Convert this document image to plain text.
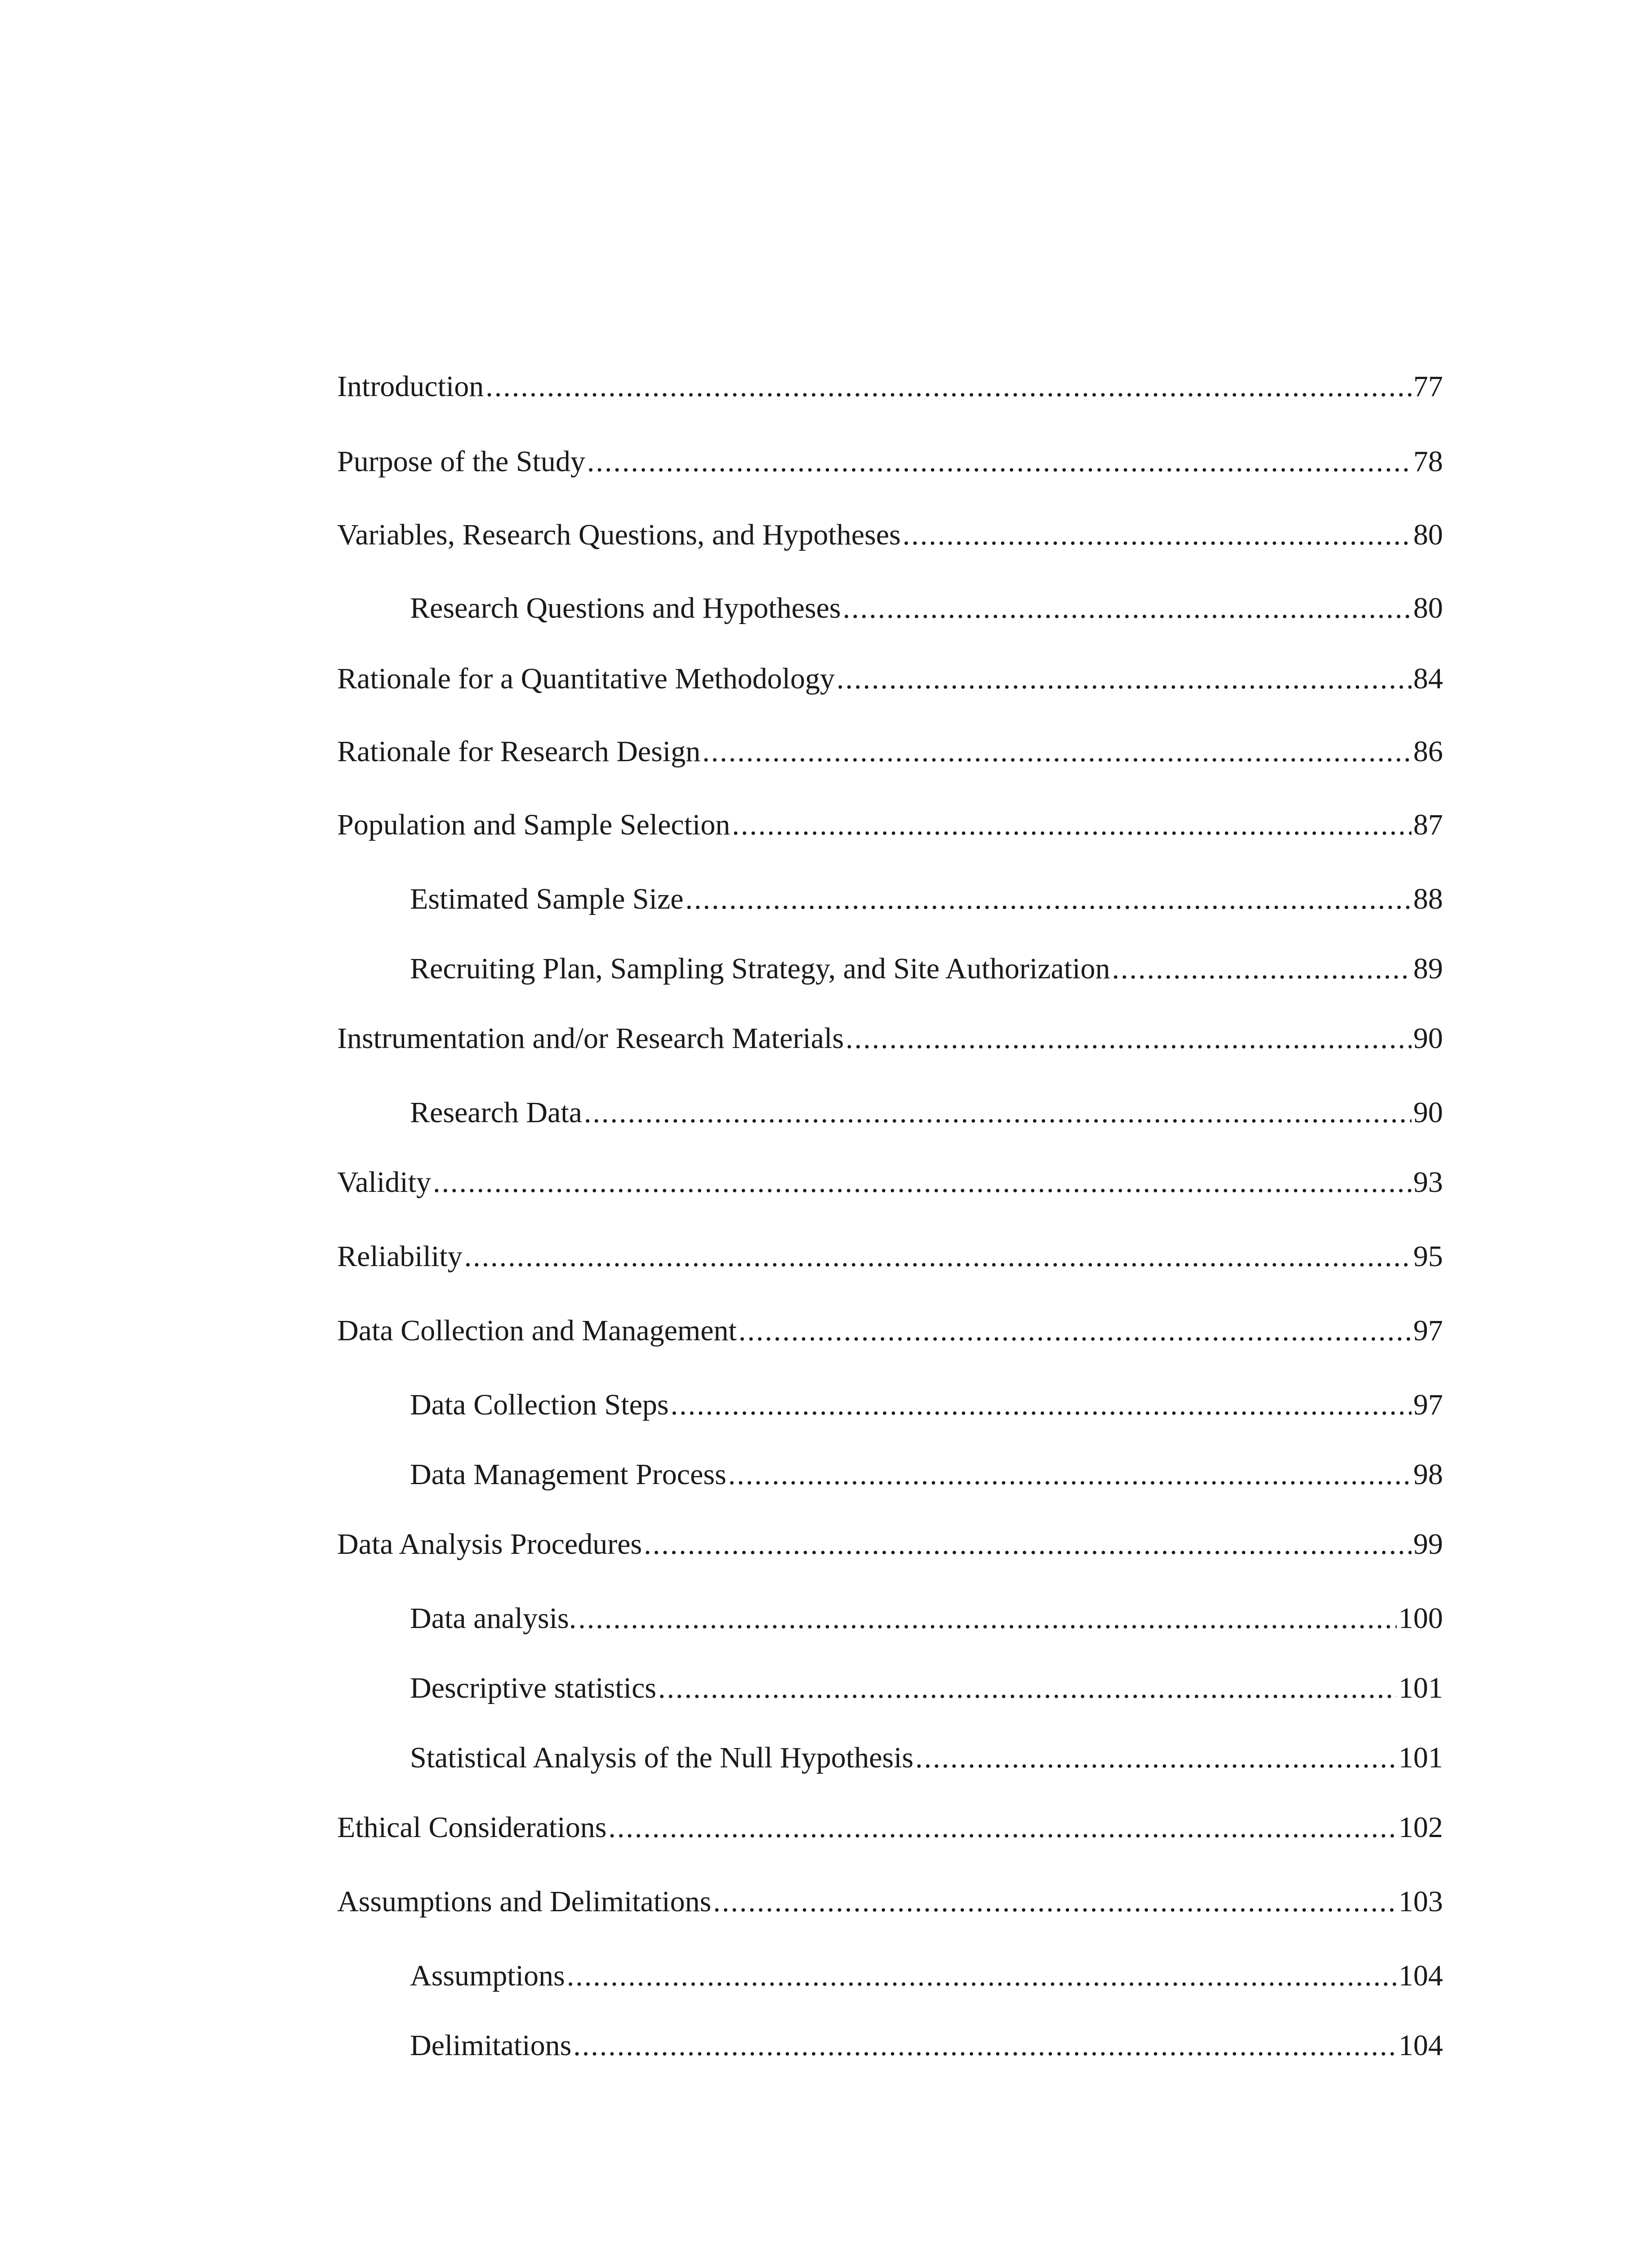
Introduction .....	77
Purpose of the Study .....	78
Variables, Research Questions, and Hypotheses .....	80
Research Questions and Hypotheses .....	80
Rationale for a Quantitative Methodology .....	84
Rationale for Research Design .....	86
Population and Sample Selection .....	87
Estimated Sample Size .....	88
Recruiting Plan, Sampling Strategy, and Site Authorization .....	89
Instrumentation and/or Research Materials .....	90
Research Data .....	90
Validity .....	93
Reliability .....	95
Data Collection and Management .....	97
Data Collection Steps .....	97
Data Management Process .....	98
Data Analysis Procedures .....	99
Data analysis. .....	100
Descriptive statistics .....	101
Statistical Analysis of the Null Hypothesis .....	101
Ethical Considerations .....	102
Assumptions and Delimitations .....	103
Assumptions .....	104
Delimitations .....	104
